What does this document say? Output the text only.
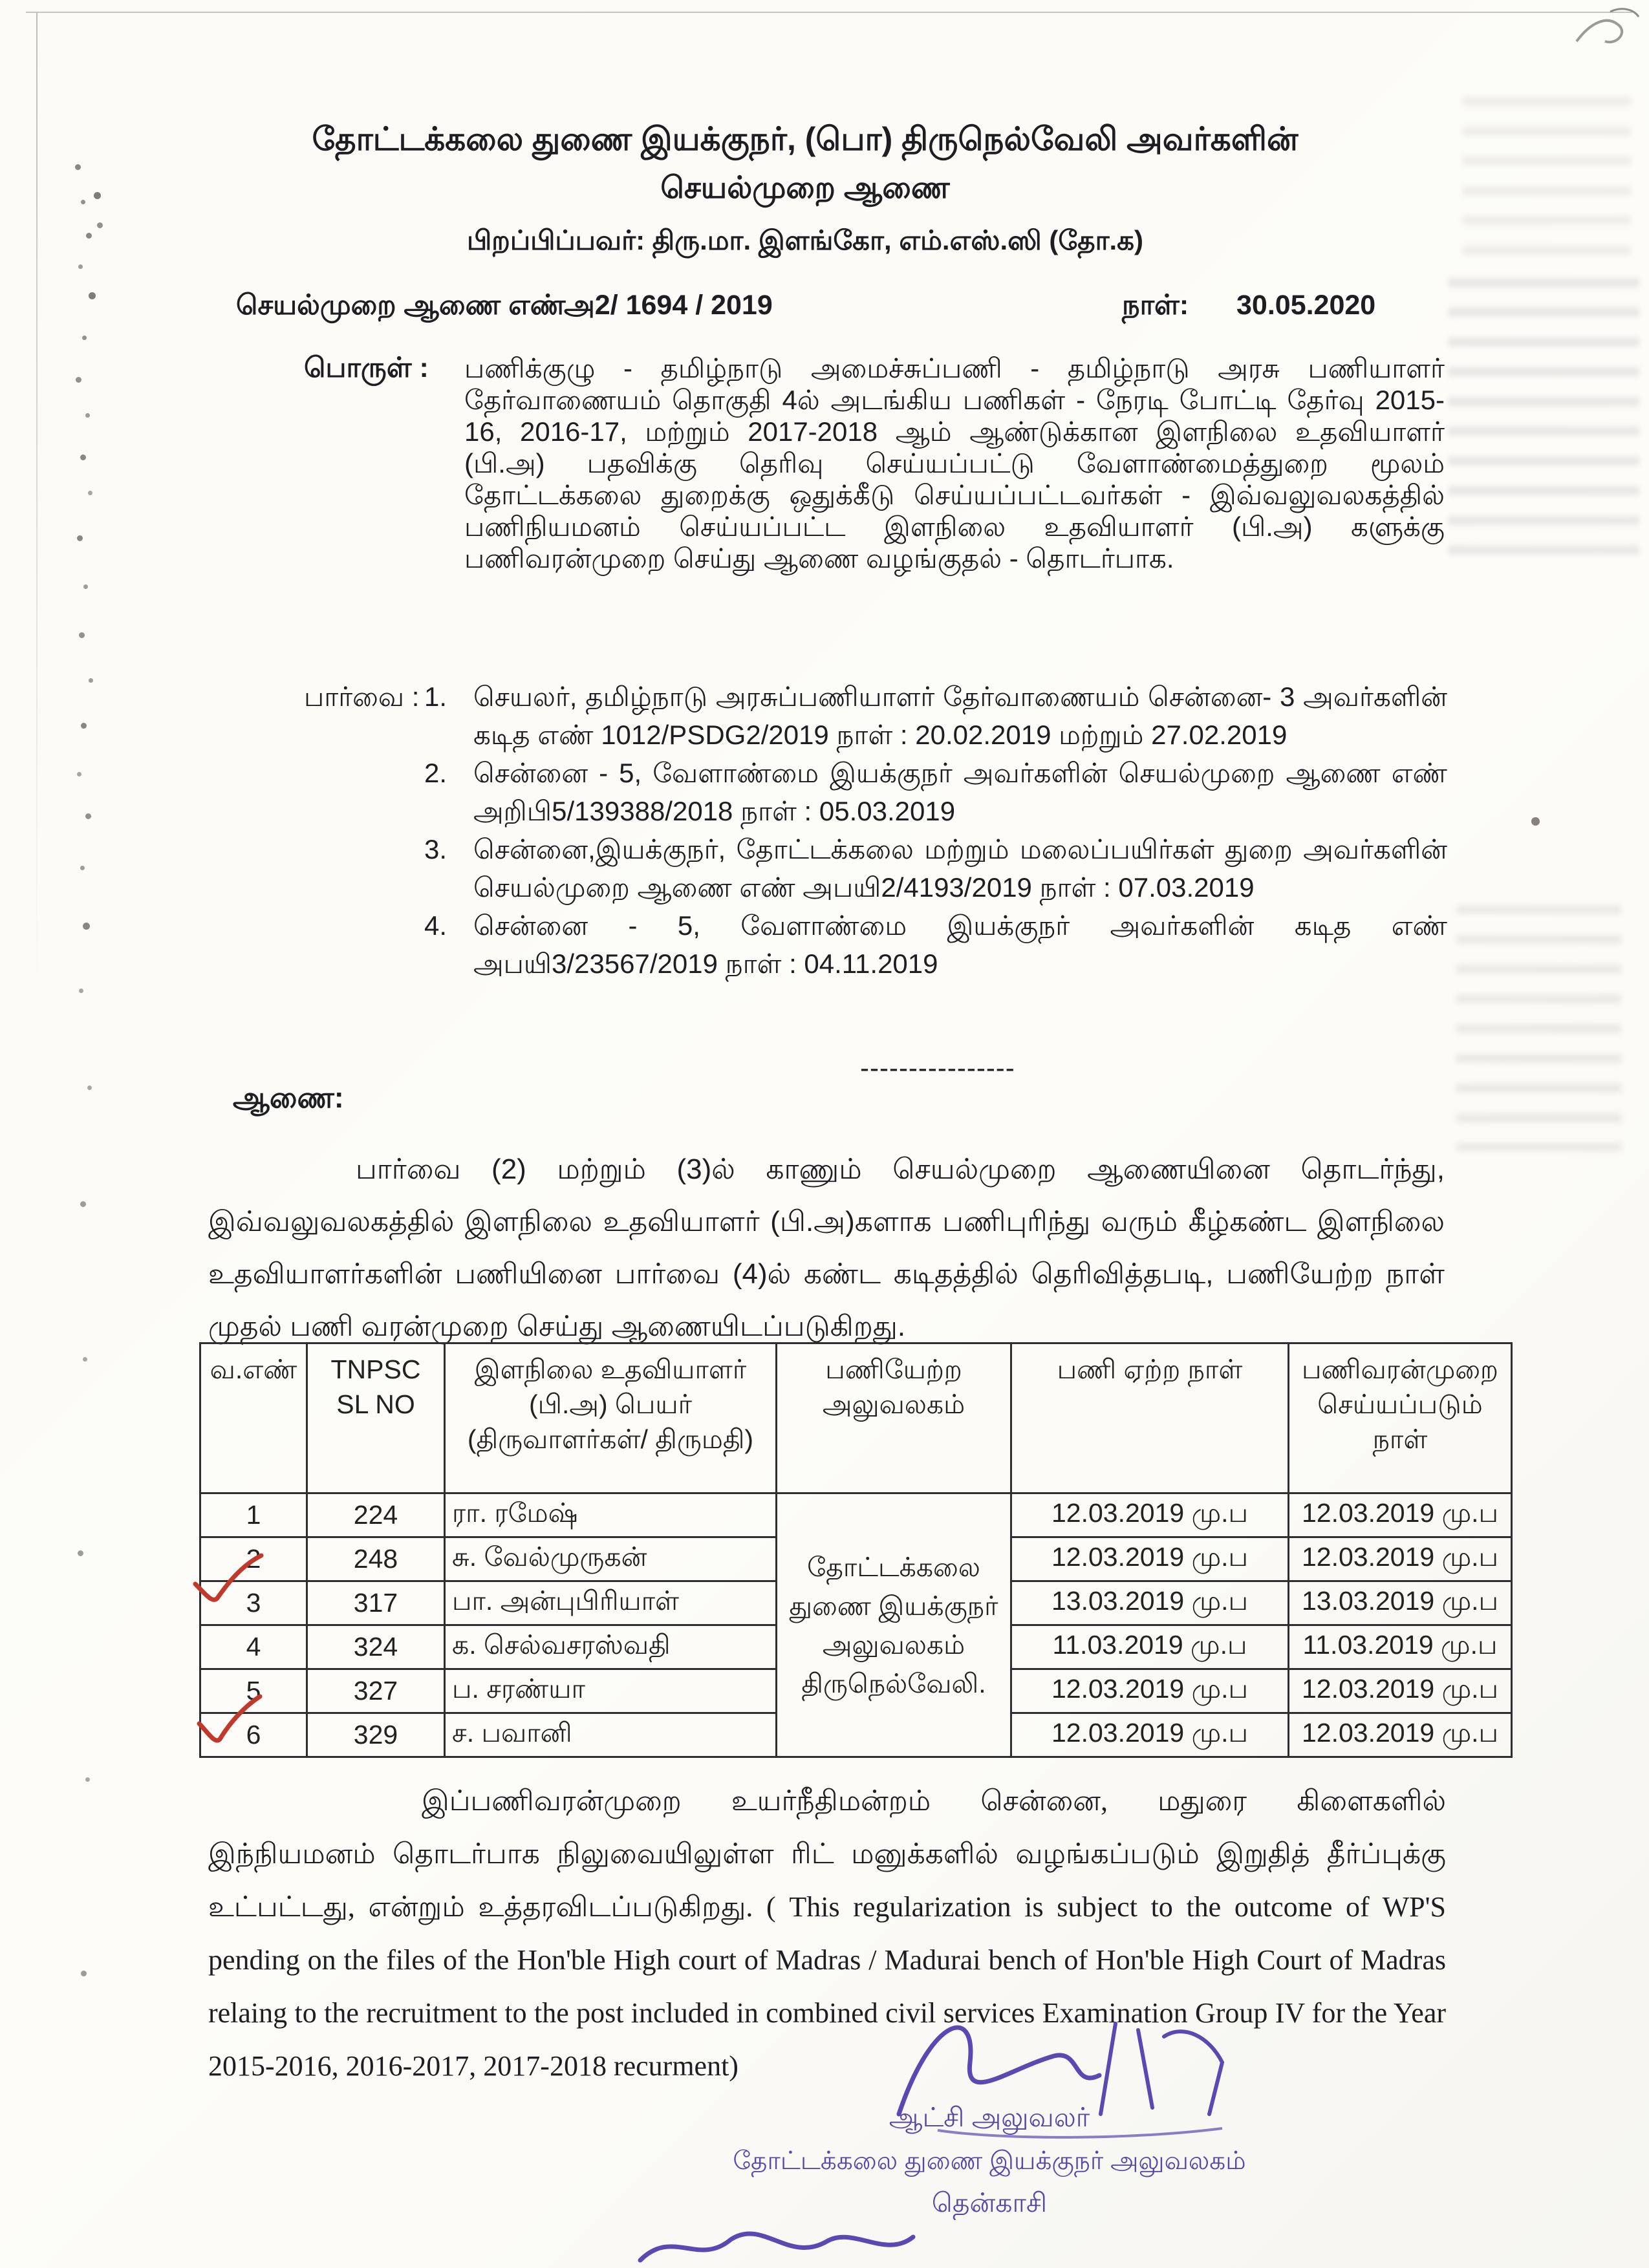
தோட்டக்கலை துணை இயக்குநர், (பொ) திருநெல்வேலி அவர்களின்
செயல்முறை ஆணை
பிறப்பிப்பவர்: திரு.மா. இளங்கோ, எம்.எஸ்.ஸி (தோ.க)
செயல்முறை ஆணை எண்
அ2/ 1694 / 2019	நாள்: 30.05.2020
பொருள் : பணிக்குழு - தமிழ்நாடு அமைச்சுப்பணி - தமிழ்நாடு அரசு பணியாளர் தேர்வாணையம் தொகுதி 4ல் அடங்கிய பணிகள் - நேரடி போட்டி தேர்வு 2015-16, 2016-17, மற்றும் 2017-2018 ஆம் ஆண்டுக்கான இளநிலை உதவியாளர் (பி.அ) பதவிக்கு தெரிவு செய்யப்பட்டு வேளாண்மைத்துறை மூலம் தோட்டக்கலை துறைக்கு ஒதுக்கீடு செய்யப்பட்டவர்கள் - இவ்வலுவலகத்தில் பணிநியமனம் செய்யப்பட்ட இளநிலை உதவியாளர் (பி.அ) களுக்கு பணிவரன்முறை செய்து ஆணை வழங்குதல் - தொடர்பாக.
பார்வை : 1. செயலர், தமிழ்நாடு அரசுப்பணியாளர் தேர்வாணையம் சென்னை- 3 அவர்களின் கடித எண் 1012/PSDG2/2019 நாள் : 20.02.2019 மற்றும் 27.02.2019
2. சென்னை - 5, வேளாண்மை இயக்குநர் அவர்களின் செயல்முறை ஆணை எண் அறிபி5/139388/2018 நாள் : 05.03.2019
3. சென்னை,இயக்குநர், தோட்டக்கலை மற்றும் மலைப்பயிர்கள் துறை அவர்களின் செயல்முறை ஆணை எண் அபயி2/4193/2019 நாள் : 07.03.2019
4. சென்னை - 5, வேளாண்மை இயக்குநர் அவர்களின் கடித எண் அபயி3/23567/2019 நாள் : 04.11.2019
----------------
ஆணை:
பார்வை (2) மற்றும் (3)ல் காணும் செயல்முறை ஆணையினை தொடர்ந்து, இவ்வலுவலகத்தில் இளநிலை உதவியாளர் (பி.அ)களாக பணிபுரிந்து வரும் கீழ்கண்ட இளநிலை உதவியாளர்களின் பணியினை பார்வை (4)ல் கண்ட கடிதத்தில் தெரிவித்தபடி, பணியேற்ற நாள் முதல் பணி வரன்முறை செய்து ஆணையிடப்படுகிறது.
வ.எண்	TNPSC SL NO	இளநிலை உதவியாளர் (பி.அ) பெயர் (திருவாளர்கள்/ திருமதி)	பணியேற்ற அலுவலகம்	பணி ஏற்ற நாள்	பணிவரன்முறை செய்யப்படும் நாள்
1	224	ரா. ரமேஷ்	தோட்டக்கலை துணை இயக்குநர் அலுவலகம் திருநெல்வேலி.	12.03.2019 மு.ப	12.03.2019 மு.ப
2	248	சு. வேல்முருகன்		12.03.2019 மு.ப	12.03.2019 மு.ப
3	317	பா. அன்புபிரியாள்		13.03.2019 மு.ப	13.03.2019 மு.ப
4	324	க. செல்வசரஸ்வதி		11.03.2019 மு.ப	11.03.2019 மு.ப
5	327	ப. சரண்யா		12.03.2019 மு.ப	12.03.2019 மு.ப
6	329	ச. பவானி		12.03.2019 மு.ப	12.03.2019 மு.ப
இப்பணிவரன்முறை உயர்நீதிமன்றம் சென்னை, மதுரை கிளைகளில் இந்நியமனம் தொடர்பாக நிலுவையிலுள்ள ரிட் மனுக்களில் வழங்கப்படும் இறுதித் தீர்ப்புக்கு உட்பட்டது, என்றும் உத்தரவிடப்படுகிறது. ( This regularization is subject to the outcome of WP'S pending on the files of the Hon'ble High court of Madras / Madurai bench of Hon'ble High Court of Madras relaing to the recruitment to the post included in combined civil services Examination Group IV for the Year 2015-2016, 2016-2017, 2017-2018 recurment)
ஆட்சி அலுவலர்
தோட்டக்கலை துணை இயக்குநர் அலுவலகம்
தென்காசி
